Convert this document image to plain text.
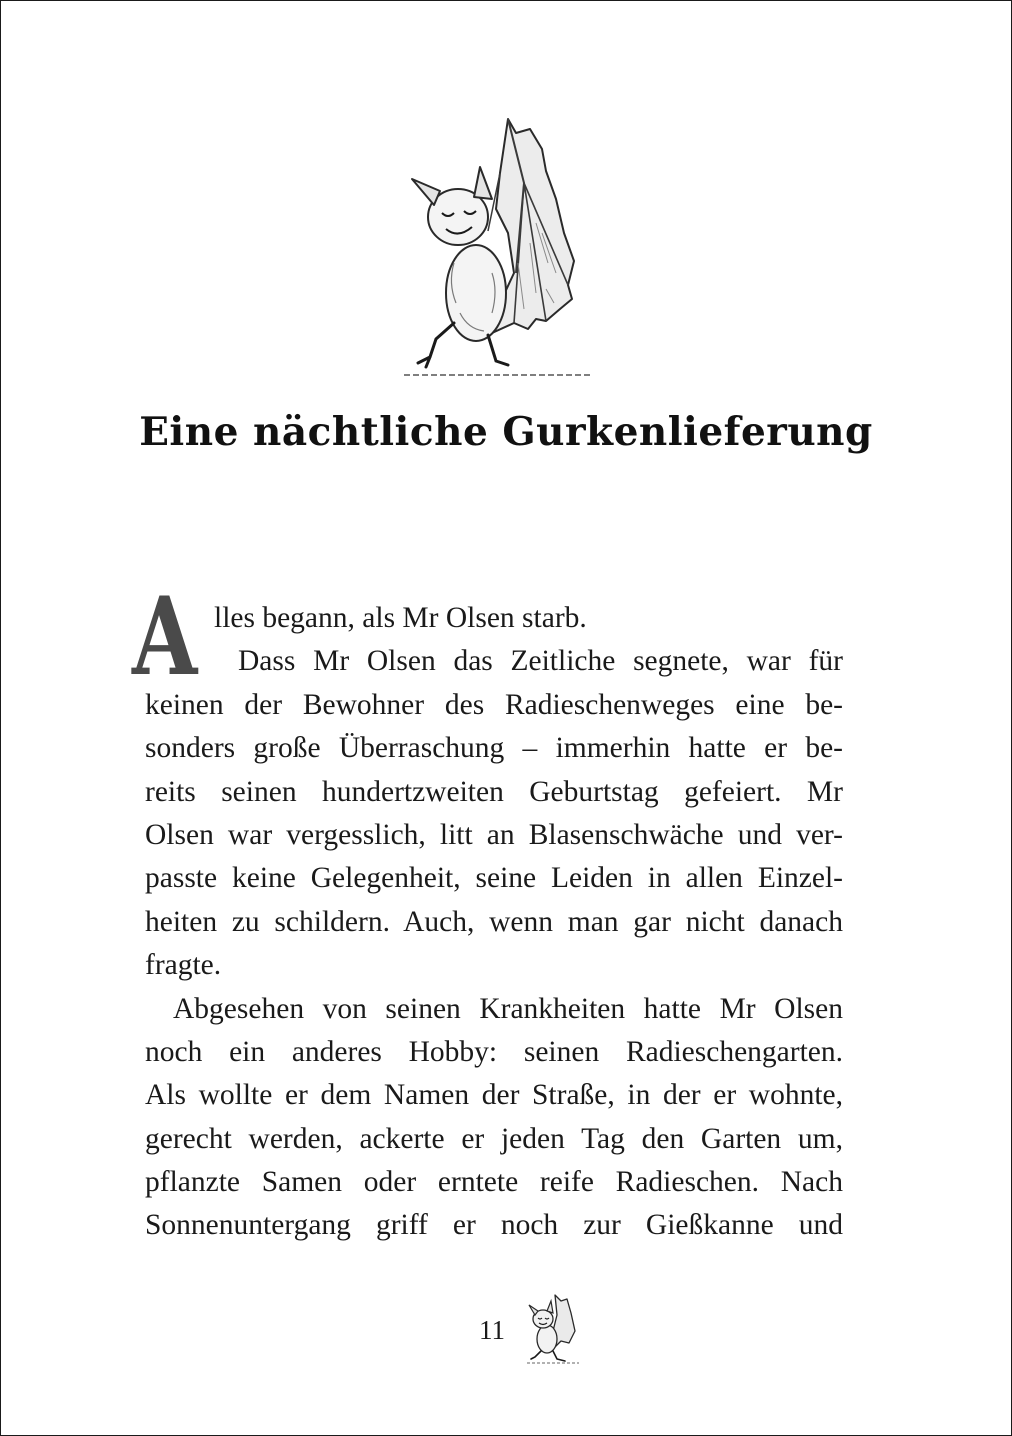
Eine nächtliche Gurkenlieferung
A lles begann, als Mr Olsen starb.
Dass Mr Olsen das Zeitliche segnete, war für
keinen der Bewohner des Radieschenweges eine be-
sonders große Überraschung – immerhin hatte er be-
reits seinen hundertzweiten Geburtstag gefeiert. Mr
Olsen war vergesslich, litt an Blasenschwäche und ver-
passte keine Gelegenheit, seine Leiden in allen Einzel-
heiten zu schildern. Auch, wenn man gar nicht danach
fragte.
Abgesehen von seinen Krankheiten hatte Mr Olsen
noch ein anderes Hobby: seinen Radieschengarten.
Als wollte er dem Namen der Straße, in der er wohnte,
gerecht werden, ackerte er jeden Tag den Garten um,
pflanzte Samen oder erntete reife Radieschen. Nach
Sonnenuntergang griff er noch zur Gießkanne und
11
